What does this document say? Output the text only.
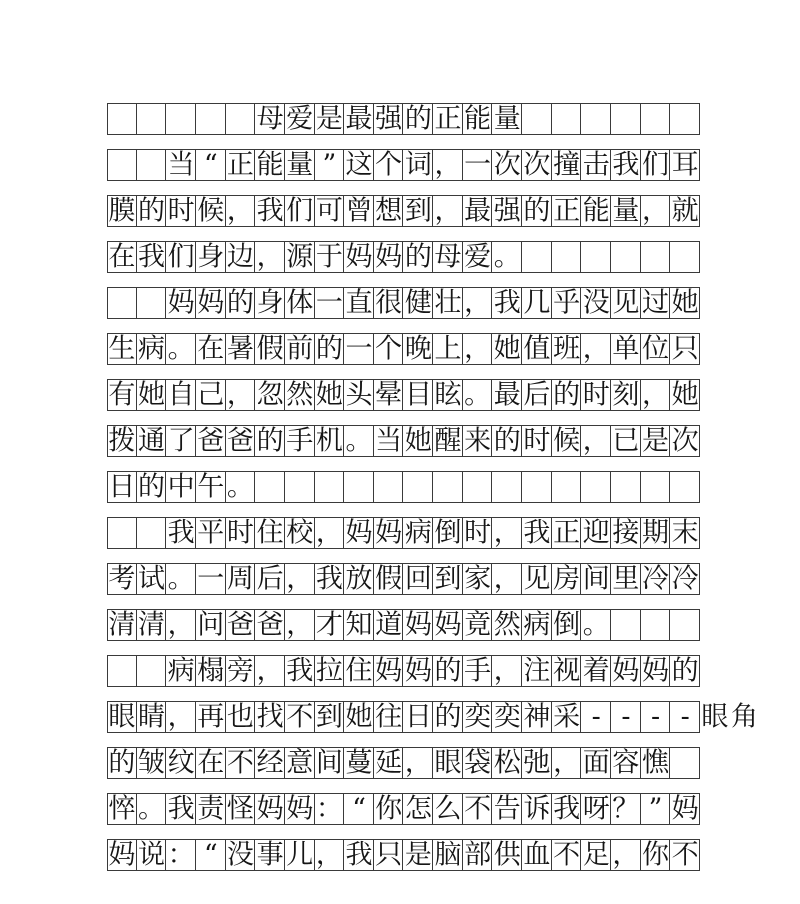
母 爱 是 最 强 的 正 能 量
当 “ 正 能 量 ” 这 个 词 ， 一 次 次 撞 击 我 们 耳
膜 的 时 候 ， 我 们 可 曾 想 到 ， 最 强 的 正 能 量 ， 就
在 我 们 身 边 ， 源 于 妈 妈 的 母 爱 。
妈 妈 的 身 体 一 直 很 健 壮 ， 我 几 乎 没 见 过 她
生 病 。 在 暑 假 前 的 一 个 晚 上 ， 她 值 班 ， 单 位 只
有 她 自 己 ， 忽 然 她 头 晕 目 眩 。 最 后 的 时 刻 ， 她
拨 通 了 爸 爸 的 手 机 。 当 她 醒 来 的 时 候 ， 已 是 次
日 的 中 午 。
我 平 时 住 校 ， 妈 妈 病 倒 时 ， 我 正 迎 接 期 末
考 试 。 一 周 后 ， 我 放 假 回 到 家 ， 见 房 间 里 冷 冷
清 清 ， 问 爸 爸 ， 才 知 道 妈 妈 竟 然 病 倒 。
病 榻 旁 ， 我 拉 住 妈 妈 的 手 ， 注 视 着 妈 妈 的
眼 睛 ， 再 也 找 不 到 她 往 日 的 奕 奕 神 采 - - - - 眼 角
的 皱 纹 在 不 经 意 间 蔓 延 ， 眼 袋 松 弛 ， 面 容 憔
悴 。 我 责 怪 妈 妈 ： “ 你 怎 么 不 告 诉 我 呀 ？ ” 妈
妈 说 ： “ 没 事 儿 ， 我 只 是 脑 部 供 血 不 足 ， 你 不
